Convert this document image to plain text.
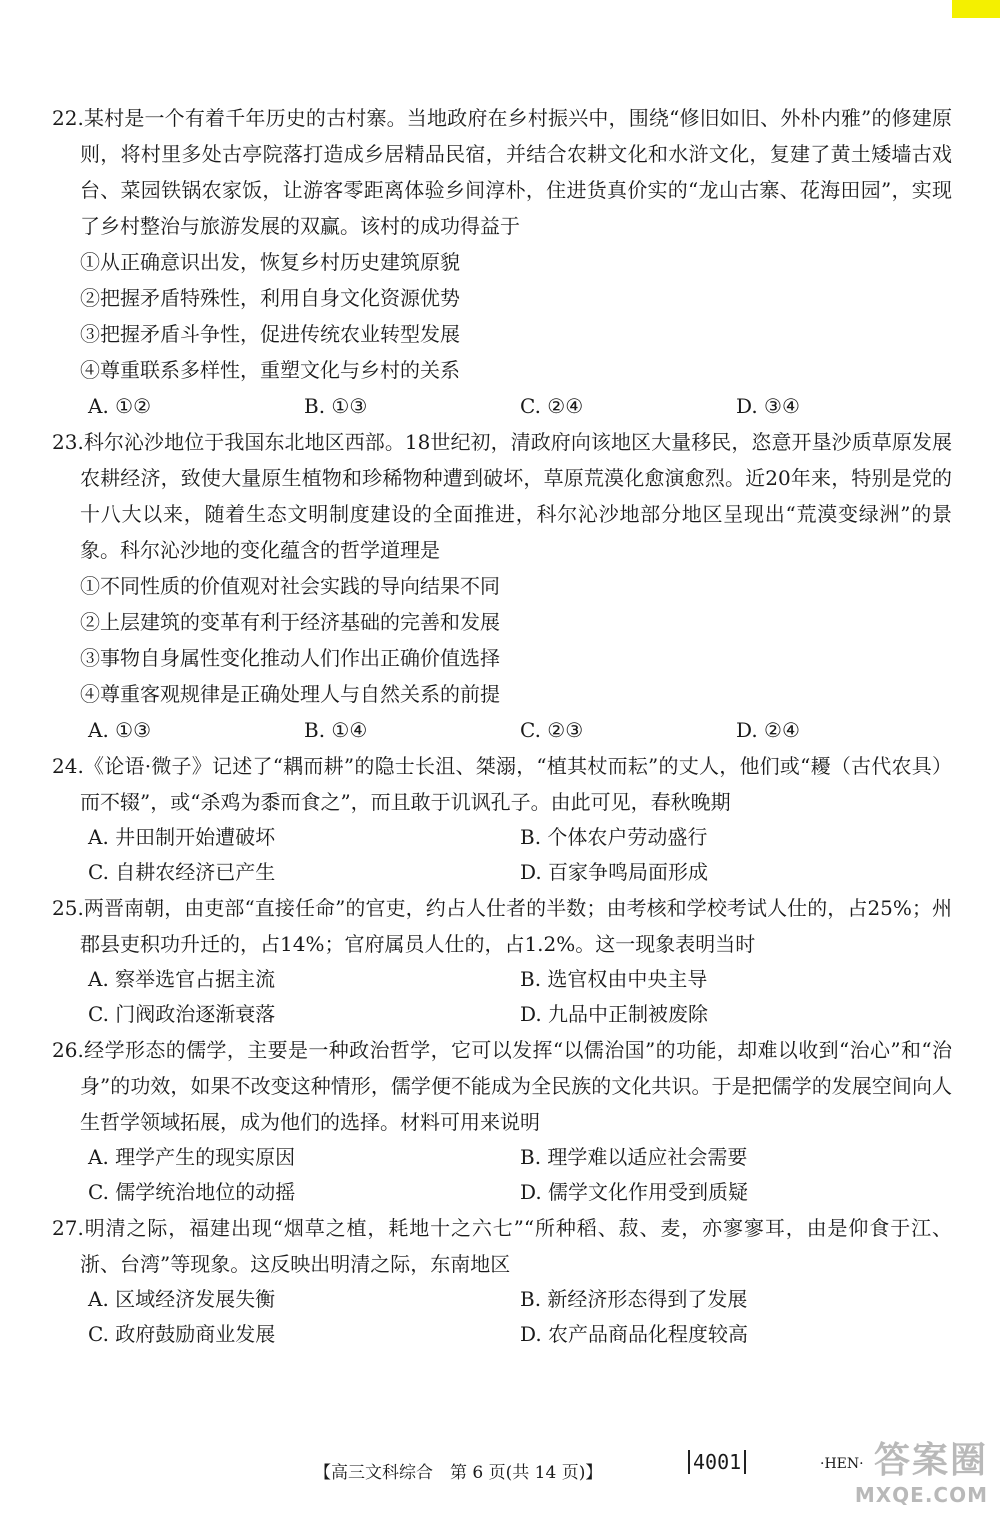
22.某村是一个有着千年历史的古村寨。当地政府在乡村振兴中，围绕“修旧如旧、外朴内雅”的修建原则，将村里多处古亭院落打造成乡居精品民宿，并结合农耕文化和水浒文化，复建了黄土矮墙古戏台、菜园铁锅农家饭，让游客零距离体验乡间淳朴，住进货真价实的“龙山古寨、花海田园”，实现了乡村整治与旅游发展的双赢。该村的成功得益于

①从正确意识出发，恢复乡村历史建筑原貌

②把握矛盾特殊性，利用自身文化资源优势

③把握矛盾斗争性，促进传统农业转型发展

④尊重联系多样性，重塑文化与乡村的关系

A. ①②	B. ①③	C. ②④	D. ③④

23.科尔沁沙地位于我国东北地区西部。18世纪初，清政府向该地区大量移民，恣意开垦沙质草原发展农耕经济，致使大量原生植物和珍稀物种遭到破坏，草原荒漠化愈演愈烈。近20年来，特别是党的十八大以来，随着生态文明制度建设的全面推进，科尔沁沙地部分地区呈现出“荒漠变绿洲”的景象。科尔沁沙地的变化蕴含的哲学道理是

①不同性质的价值观对社会实践的导向结果不同

②上层建筑的变革有利于经济基础的完善和发展

③事物自身属性变化推动人们作出正确价值选择

④尊重客观规律是正确处理人与自然关系的前提

A. ①③	B. ①④	C. ②③	D. ②④

24.《论语·微子》记述了“耦而耕”的隐士长沮、桀溺，“植其杖而耘”的丈人，他们或“耰（古代农具）而不辍”，或“杀鸡为黍而食之”，而且敢于讥讽孔子。由此可见，春秋晚期

A. 井田制开始遭破坏	B. 个体农户劳动盛行
C. 自耕农经济已产生	D. 百家争鸣局面形成

25.两晋南朝，由吏部“直接任命”的官吏，约占人仕者的半数；由考核和学校考试人仕的，占25%；州郡县吏积功升迁的，占14%；官府属员人仕的，占1.2%。这一现象表明当时

A. 察举选官占据主流	B. 选官权由中央主导
C. 门阀政治逐渐衰落	D. 九品中正制被废除

26.经学形态的儒学，主要是一种政治哲学，它可以发挥“以儒治国”的功能，却难以收到“治心”和“治身”的功效，如果不改变这种情形，儒学便不能成为全民族的文化共识。于是把儒学的发展空间向人生哲学领域拓展，成为他们的选择。材料可用来说明

A. 理学产生的现实原因	B. 理学难以适应社会需要
C. 儒学统治地位的动摇	D. 儒学文化作用受到质疑

27.明清之际，福建出现“烟草之植，耗地十之六七”“所种稻、菽、麦，亦寥寥耳，由是仰食于江、浙、台湾”等现象。这反映出明清之际，东南地区

A. 区域经济发展失衡	B. 新经济形态得到了发展
C. 政府鼓励商业发展	D. 农产品商品化程度较高
【高三文科综合　第 6 页(共 14 页)】	4001	·HEN· 答案圈
MXQE.COM
